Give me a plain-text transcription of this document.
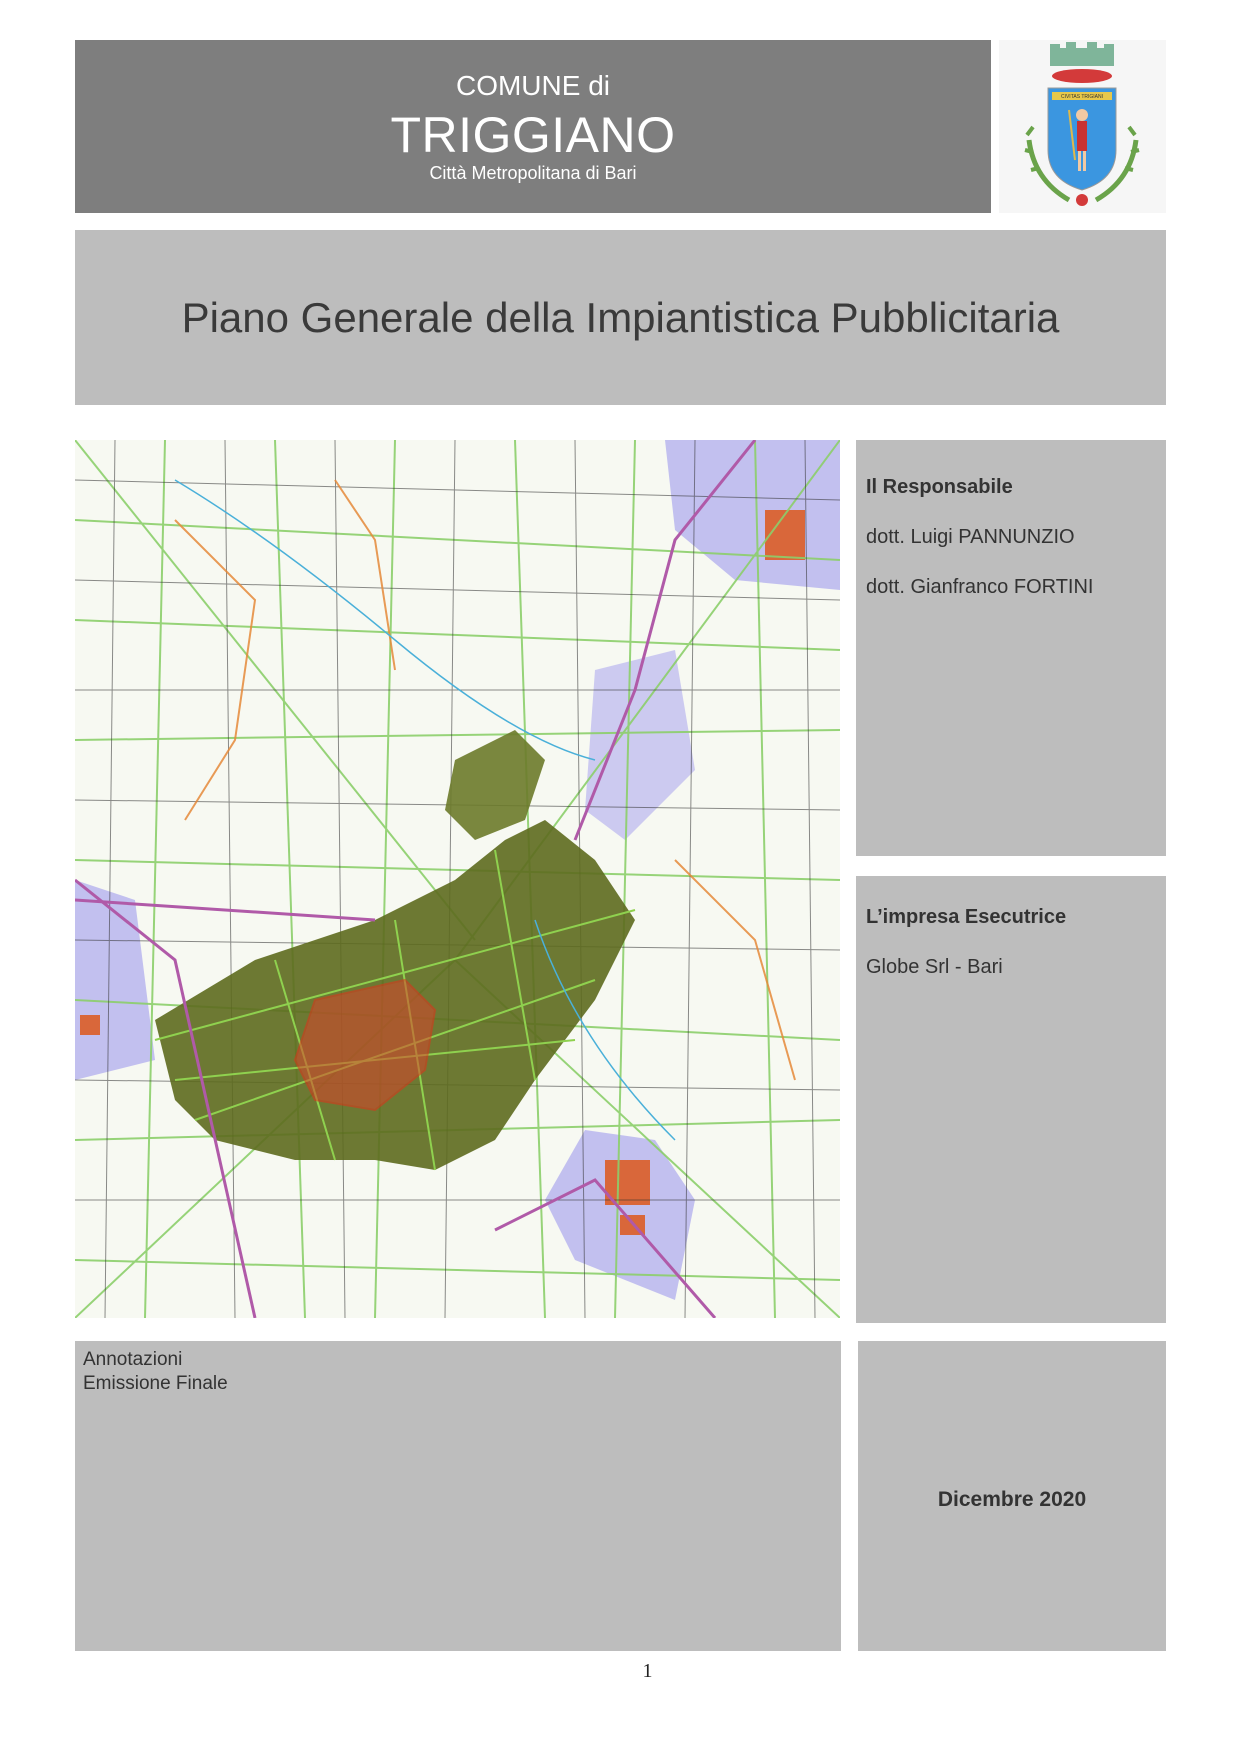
COMUNE di
TRIGGIANO
Città Metropolitana di Bari
CIVITAS TRIGIANI
Piano Generale della Impiantistica Pubblicitaria
Il Responsabile
dott. Luigi PANNUNZIO
dott. Gianfranco FORTINI
L’impresa Esecutrice
Globe Srl - Bari
Annotazioni
Emissione Finale
Dicembre 2020
1
